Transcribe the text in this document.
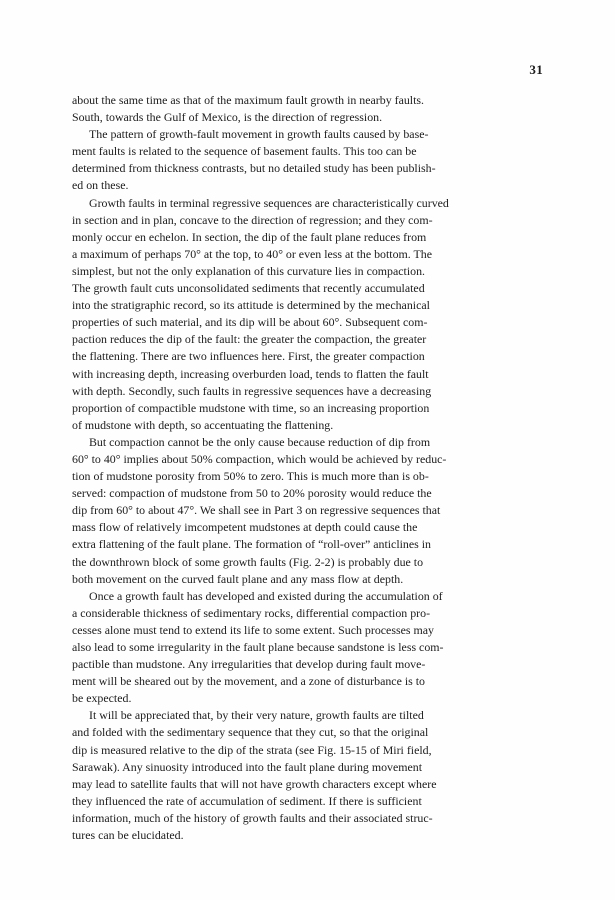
31
about the same time as that of the maximum fault growth in nearby faults.
South, towards the Gulf of Mexico, is the direction of regression.
The pattern of growth-fault movement in growth faults caused by base-
ment faults is related to the sequence of basement faults. This too can be
determined from thickness contrasts, but no detailed study has been publish-
ed on these.
Growth faults in terminal regressive sequences are characteristically curved
in section and in plan, concave to the direction of regression; and they com-
monly occur en echelon. In section, the dip of the fault plane reduces from
a maximum of perhaps 70° at the top, to 40° or even less at the bottom. The
simplest, but not the only explanation of this curvature lies in compaction.
The growth fault cuts unconsolidated sediments that recently accumulated
into the stratigraphic record, so its attitude is determined by the mechanical
properties of such material, and its dip will be about 60°. Subsequent com-
paction reduces the dip of the fault: the greater the compaction, the greater
the flattening. There are two influences here. First, the greater compaction
with increasing depth, increasing overburden load, tends to flatten the fault
with depth. Secondly, such faults in regressive sequences have a decreasing
proportion of compactible mudstone with time, so an increasing proportion
of mudstone with depth, so accentuating the flattening.
But compaction cannot be the only cause because reduction of dip from
60° to 40° implies about 50% compaction, which would be achieved by reduc-
tion of mudstone porosity from 50% to zero. This is much more than is ob-
served: compaction of mudstone from 50 to 20% porosity would reduce the
dip from 60° to about 47°. We shall see in Part 3 on regressive sequences that
mass flow of relatively imcompetent mudstones at depth could cause the
extra flattening of the fault plane. The formation of “roll-over” anticlines in
the downthrown block of some growth faults (Fig. 2-2) is probably due to
both movement on the curved fault plane and any mass flow at depth.
Once a growth fault has developed and existed during the accumulation of
a considerable thickness of sedimentary rocks, differential compaction pro-
cesses alone must tend to extend its life to some extent. Such processes may
also lead to some irregularity in the fault plane because sandstone is less com-
pactible than mudstone. Any irregularities that develop during fault move-
ment will be sheared out by the movement, and a zone of disturbance is to
be expected.
It will be appreciated that, by their very nature, growth faults are tilted
and folded with the sedimentary sequence that they cut, so that the original
dip is measured relative to the dip of the strata (see Fig. 15-15 of Miri field,
Sarawak). Any sinuosity introduced into the fault plane during movement
may lead to satellite faults that will not have growth characters except where
they influenced the rate of accumulation of sediment. If there is sufficient
information, much of the history of growth faults and their associated struc-
tures can be elucidated.
